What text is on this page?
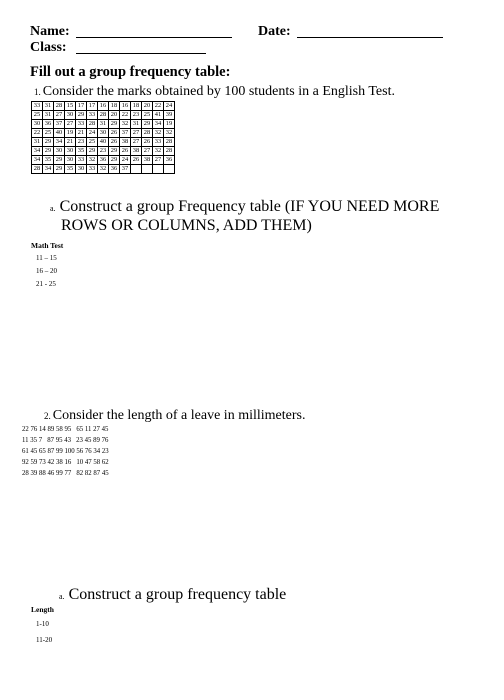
Name:	Date:
Class:
Fill out a group frequency table:
1. Consider the marks obtained by 100 students in a English Test.
33	31	28	15	17	17	16	18	16	18	20	22	24
25	31	27	30	29	33	28	20	22	23	25	41	39
30	36	37	27	33	28	31	29	32	31	29	34	19
22	25	40	19	21	24	30	26	37	27	28	32	32
31	29	34	21	23	25	40	26	38	27	26	33	28
34	29	30	30	35	29	23	29	26	38	27	32	28
34	35	29	30	33	32	36	29	24	26	38	27	36
28	34	29	35	30	33	32	36	37				
a. Construct a group Frequency table (IF YOU NEED MORE
ROWS OR COLUMNS, ADD THEM)
Math Test
11 – 15
16 – 20
21 - 25
2. Consider the length of a leave in millimeters.
22 76 14 89 58 95   65 11 27 45
11 35 7   87 95 43   23 45 89 76
61 45 65 87 99 100 56 76 34 23
92 59 73 42 38 16   10 47 58 62
28 39 88 46 99 77   82 82 87 45
a. Construct a group frequency table
Length
1-10
11-20
